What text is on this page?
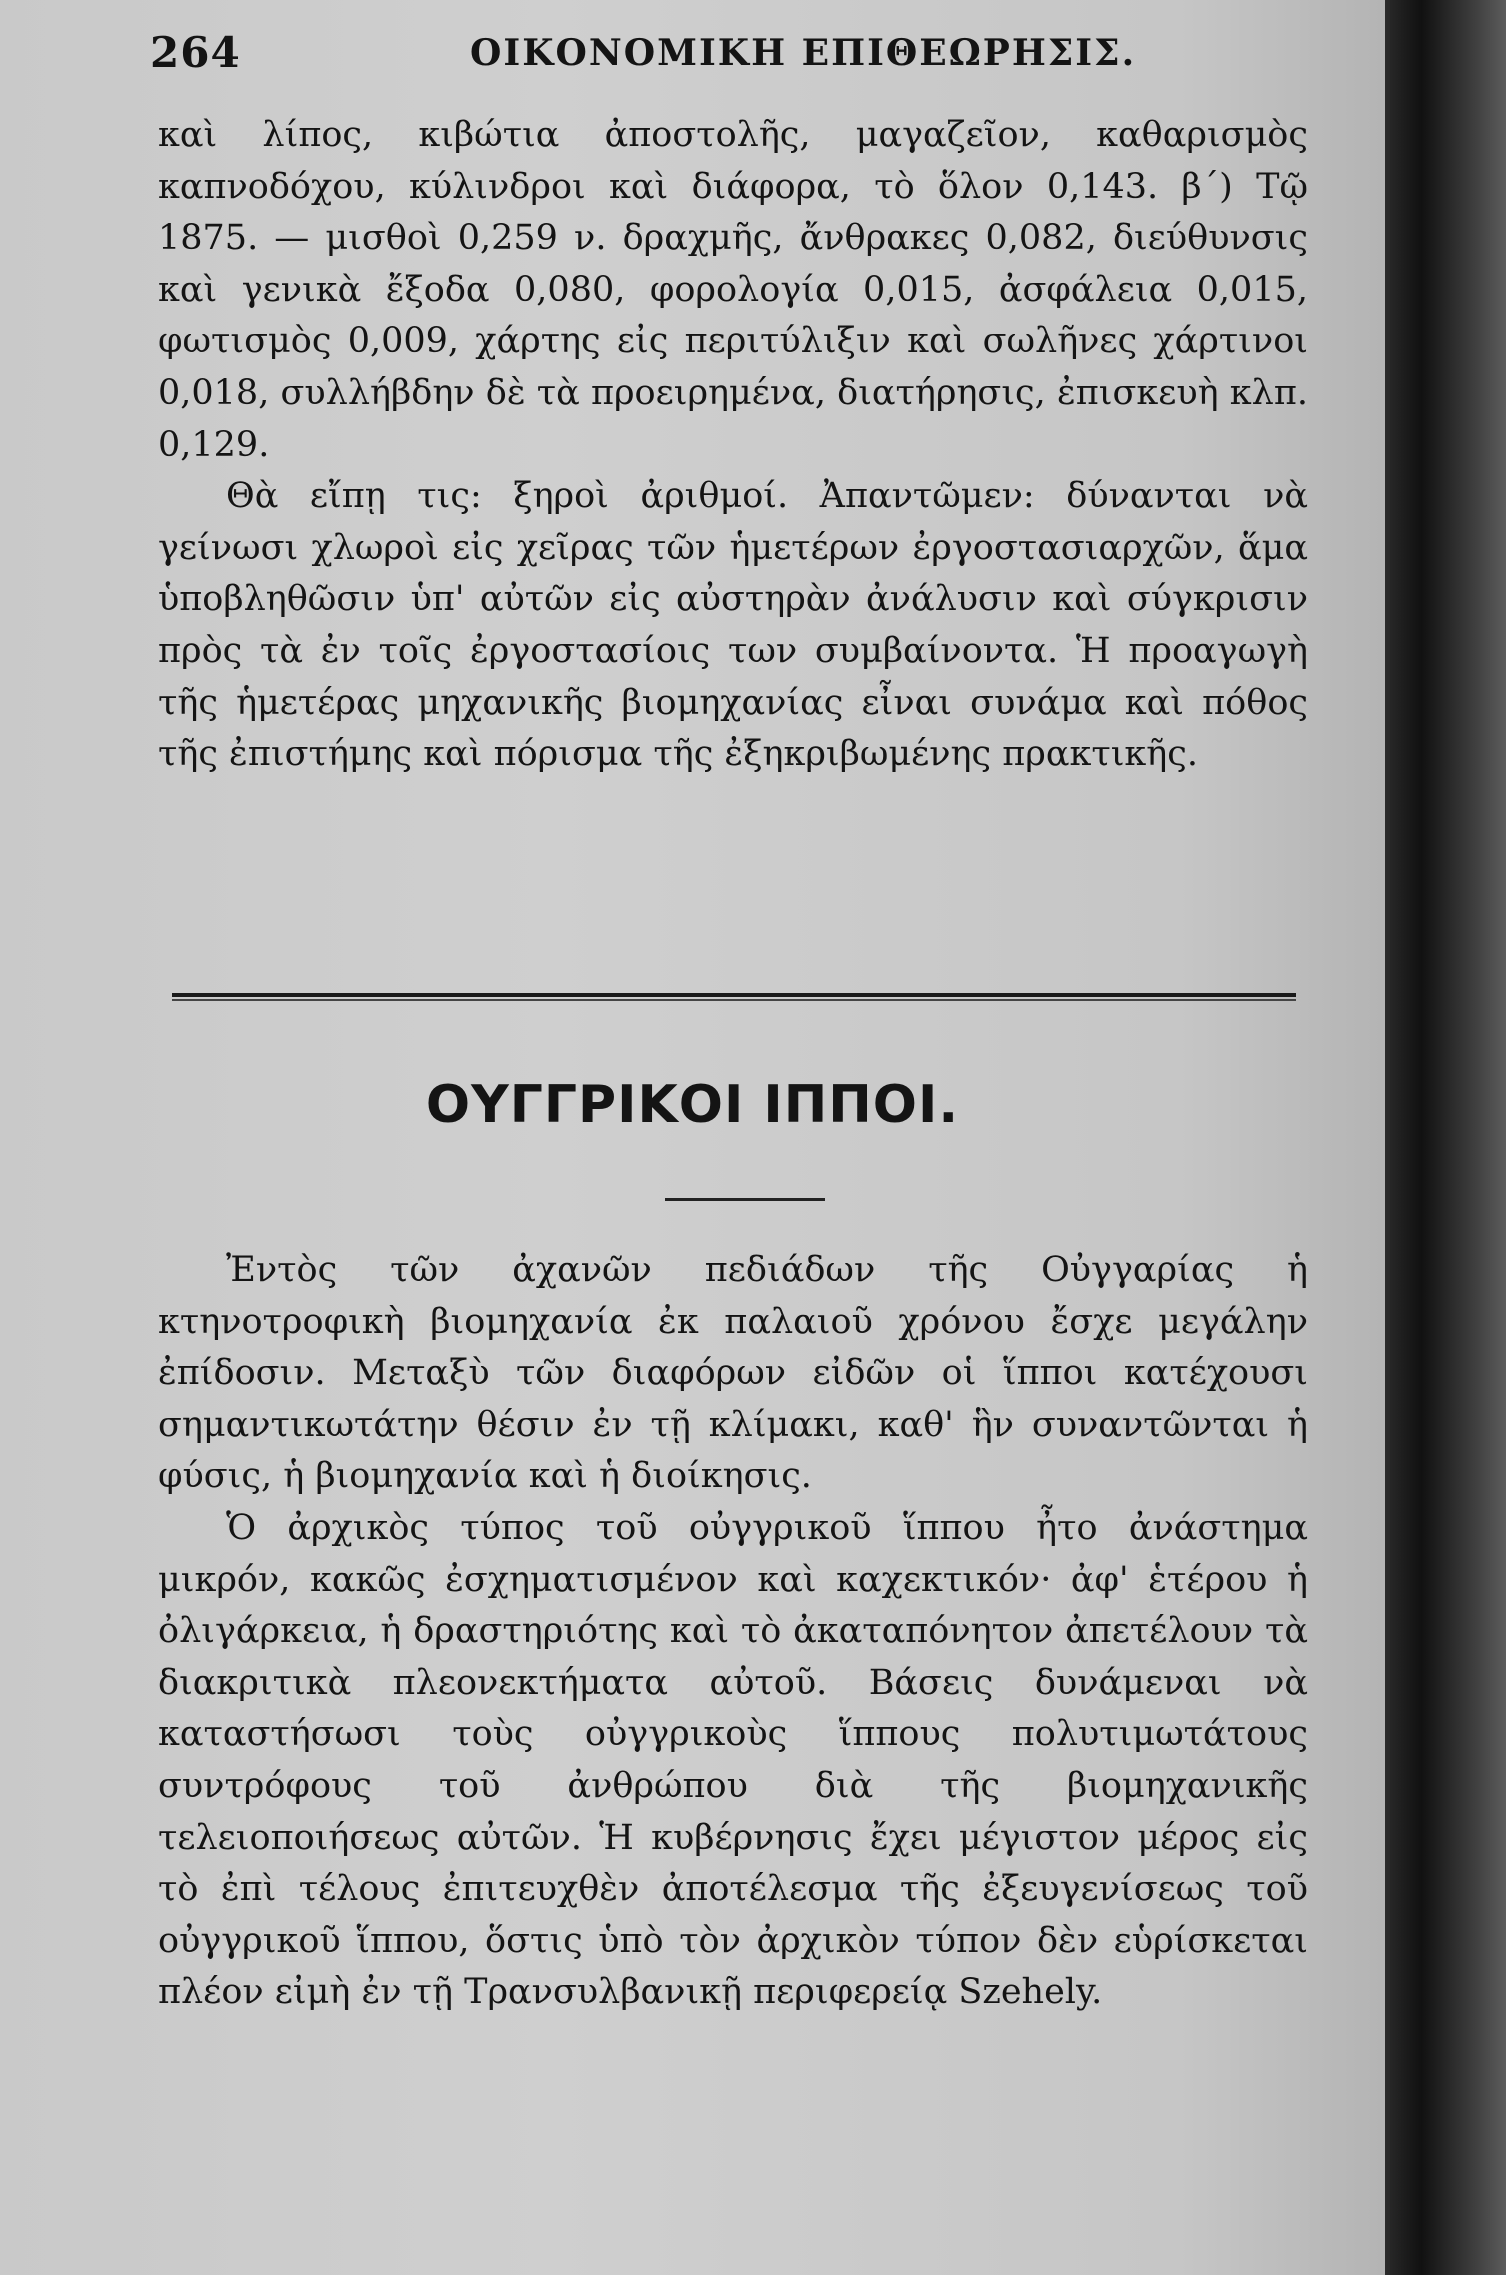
264	ΟΙΚΟΝΟΜΙΚΗ ΕΠΙΘΕΩΡΗΣΙΣ.

καὶ λίπος, κιβώτια ἀποστολῆς, μαγαζεῖον, καθαρισμὸς καπνοδόχου, κύλινδροι καὶ διάφορα, τὸ ὅλον 0,143. β΄) Τῷ 1875. — μισθοὶ 0,259 ν. δραχμῆς, ἄνθρακες 0,082, διεύθυνσις καὶ γενικὰ ἔξοδα 0,080, φορολογία 0,015, ἀσφάλεια 0,015, φωτισμὸς 0,009, χάρτης εἰς περιτύλιξιν καὶ σωλῆνες χάρτινοι 0,018, συλλήβδην δὲ τὰ προειρημένα, διατήρησις, ἐπισκευὴ κλπ. 0,129.

Θὰ εἴπῃ τις: ξηροὶ ἀριθμοί. Ἀπαντῶμεν: δύνανται νὰ γείνωσι χλωροὶ εἰς χεῖρας τῶν ἡμετέρων ἐργοστασιαρχῶν, ἅμα ὑποβληθῶσιν ὑπ' αὐτῶν εἰς αὐστηρὰν ἀνάλυσιν καὶ σύγκρισιν πρὸς τὰ ἐν τοῖς ἐργοστασίοις των συμβαίνοντα. Ἡ προαγωγὴ τῆς ἡμετέρας μηχανικῆς βιομηχανίας εἶναι συνάμα καὶ πόθος τῆς ἐπιστήμης καὶ πόρισμα τῆς ἐξηκριβωμένης πρακτικῆς.

ΟΥΓΓΡΙΚΟΙ ΙΠΠΟΙ.

Ἐντὸς τῶν ἀχανῶν πεδιάδων τῆς Οὐγγαρίας ἡ κτηνοτροφικὴ βιομηχανία ἐκ παλαιοῦ χρόνου ἔσχε μεγάλην ἐπίδοσιν. Μεταξὺ τῶν διαφόρων εἰδῶν οἱ ἵπποι κατέχουσι σημαντικωτάτην θέσιν ἐν τῇ κλίμακι, καθ' ἣν συναντῶνται ἡ φύσις, ἡ βιομηχανία καὶ ἡ διοίκησις.

Ὁ ἀρχικὸς τύπος τοῦ οὐγγρικοῦ ἵππου ἦτο ἀνάστημα μικρόν, κακῶς ἐσχηματισμένον καὶ καχεκτικόν· ἀφ' ἑτέρου ἡ ὀλιγάρκεια, ἡ δραστηριότης καὶ τὸ ἀκαταπόνητον ἀπετέλουν τὰ διακριτικὰ πλεονεκτήματα αὐτοῦ. Βάσεις δυνάμεναι νὰ καταστήσωσι τοὺς οὐγγρικοὺς ἵππους πολυτιμωτάτους συντρόφους τοῦ ἀνθρώπου διὰ τῆς βιομηχανικῆς τελειοποιήσεως αὐτῶν. Ἡ κυβέρνησις ἔχει μέγιστον μέρος εἰς τὸ ἐπὶ τέλους ἐπιτευχθὲν ἀποτέλεσμα τῆς ἐξευγενίσεως τοῦ οὐγγρικοῦ ἵππου, ὅστις ὑπὸ τὸν ἀρχικὸν τύπον δὲν εὑρίσκεται πλέον εἰμὴ ἐν τῇ Τρανσυλβανικῇ περιφερείᾳ Szehely.
